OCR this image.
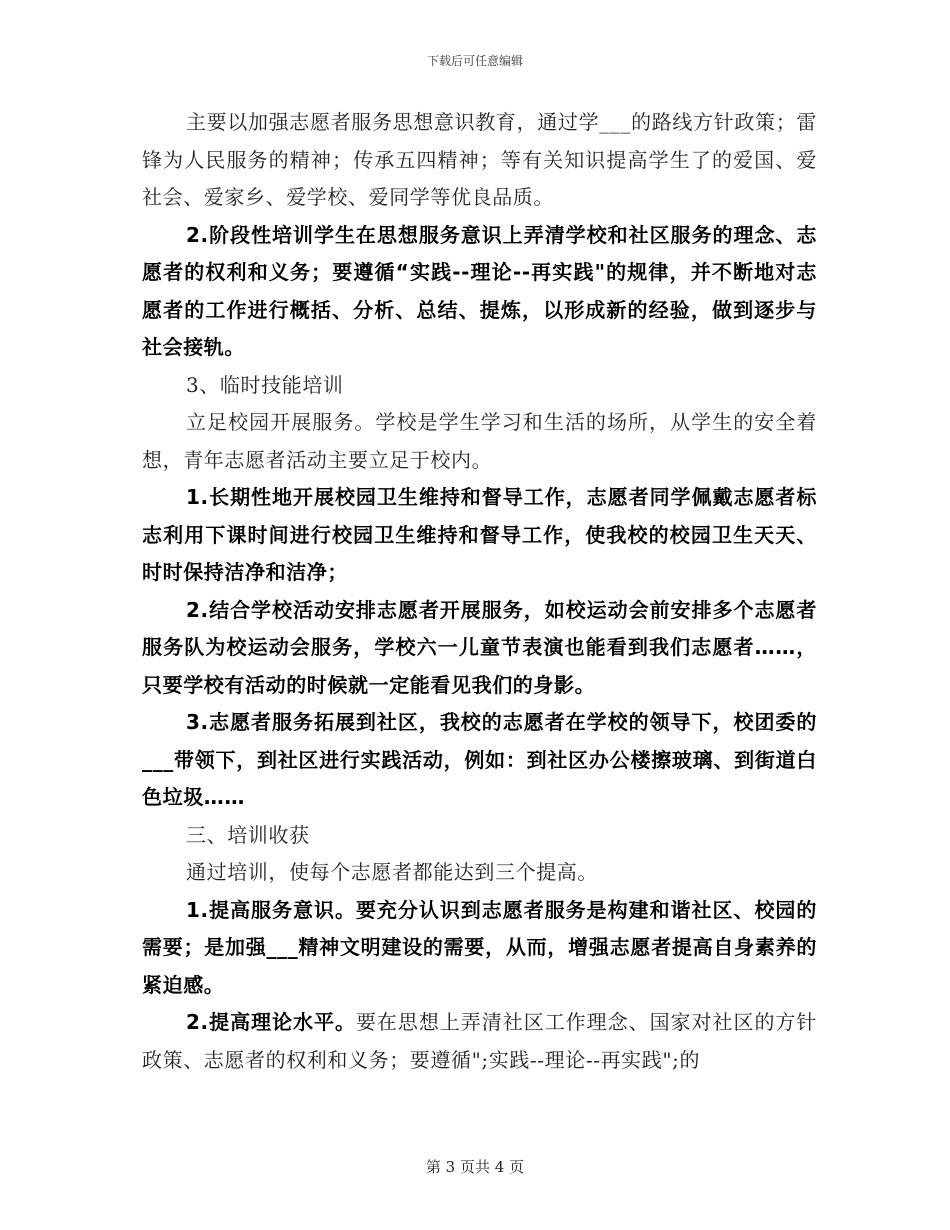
下载后可任意编辑

主要以加强志愿者服务思想意识教育，通过学___的路线方针政策；雷锋为人民服务的精神；传承五四精神；等有关知识提高学生了的爱国、爱社会、爱家乡、爱学校、爱同学等优良品质。

2.阶段性培训学生在思想服务意识上弄清学校和社区服务的理念、志愿者的权利和义务；要遵循“实践--理论--再实践"的规律，并不断地对志愿者的工作进行概括、分析、总结、提炼，以形成新的经验，做到逐步与社会接轨。

3、临时技能培训

立足校园开展服务。学校是学生学习和生活的场所，从学生的安全着想，青年志愿者活动主要立足于校内。

1.长期性地开展校园卫生维持和督导工作，志愿者同学佩戴志愿者标志利用下课时间进行校园卫生维持和督导工作，使我校的校园卫生天天、时时保持洁净和洁净；

2.结合学校活动安排志愿者开展服务，如校运动会前安排多个志愿者服务队为校运动会服务，学校六一儿童节表演也能看到我们志愿者……，只要学校有活动的时候就一定能看见我们的身影。

3.志愿者服务拓展到社区，我校的志愿者在学校的领导下，校团委的___带领下，到社区进行实践活动，例如：到社区办公楼擦玻璃、到街道白色垃圾……

三、培训收获

通过培训，使每个志愿者都能达到三个提高。

1.提高服务意识。要充分认识到志愿者服务是构建和谐社区、校园的需要；是加强___精神文明建设的需要，从而，增强志愿者提高自身素养的紧迫感。

2.提高理论水平。要在思想上弄清社区工作理念、国家对社区的方针政策、志愿者的权利和义务；要遵循";实践--理论--再实践";的

第 3 页共 4 页
